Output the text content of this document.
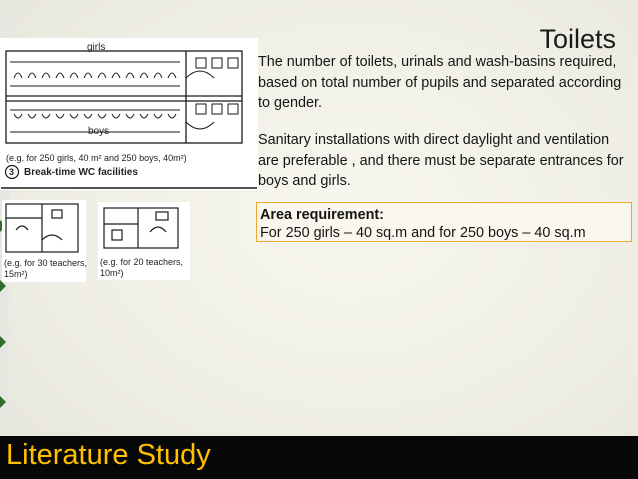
girls
boys
(e.g. for 250 girls, 40 m² and 250 boys, 40m²)
3 Break-time WC facilities
(e.g. for 30 teachers,
15m²)
(e.g. for 20 teachers,
10m²)
Toilets

The number of toilets, urinals and wash-basins required, based on total number of pupils and separated according to gender.

Sanitary installations with direct daylight and ventilation are preferable , and there must be separate entrances for boys and girls.

Area requirement:
For 250 girls – 40 sq.m and for 250 boys – 40 sq.m
Literature Study
